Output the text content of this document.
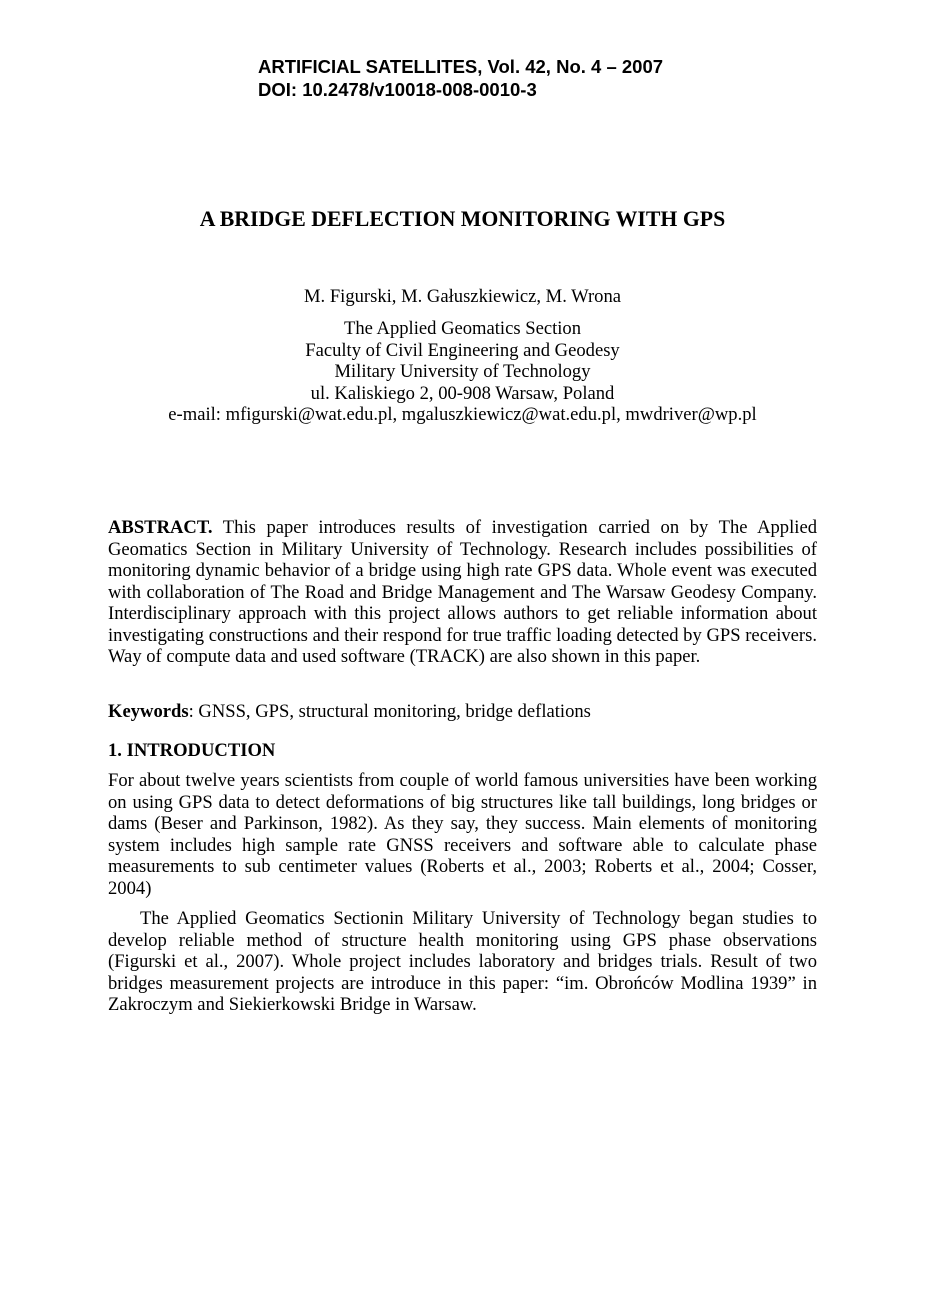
ARTIFICIAL SATELLITES, Vol. 42, No. 4 – 2007
DOI: 10.2478/v10018-008-0010-3
A BRIDGE DEFLECTION MONITORING WITH GPS
M. Figurski, M. Gałuszkiewicz, M. Wrona
The Applied Geomatics Section
Faculty of Civil Engineering and Geodesy
Military University of Technology
ul. Kaliskiego 2, 00-908 Warsaw, Poland
e-mail: mfigurski@wat.edu.pl, mgaluszkiewicz@wat.edu.pl, mwdriver@wp.pl
ABSTRACT. This paper introduces results of investigation carried on by The Applied Geomatics Section in Military University of Technology. Research includes possibilities of monitoring dynamic behavior of a bridge using high rate GPS data. Whole event was executed with collaboration of The Road and Bridge Management and The Warsaw Geodesy Company. Interdisciplinary approach with this project allows authors to get reliable information about investigating constructions and their respond for true traffic loading detected by GPS receivers. Way of compute data and used software (TRACK) are also shown in this paper.
Keywords: GNSS, GPS, structural monitoring, bridge deflations
1. INTRODUCTION
For about twelve years scientists from couple of world famous universities have been working on using GPS data to detect deformations of big structures like tall buildings, long bridges or dams (Beser and Parkinson, 1982). As they say, they success. Main elements of monitoring system includes high sample rate GNSS receivers and software able to calculate phase measurements to sub centimeter values (Roberts et al., 2003; Roberts et al., 2004; Cosser, 2004)
The Applied Geomatics Sectionin Military University of Technology began studies to develop reliable method of structure health monitoring using GPS phase observations (Figurski et al., 2007). Whole project includes laboratory and bridges trials. Result of two bridges measurement projects are introduce in this paper: “im. Obrońców Modlina 1939” in Zakroczym and Siekierkowski Bridge in Warsaw.
